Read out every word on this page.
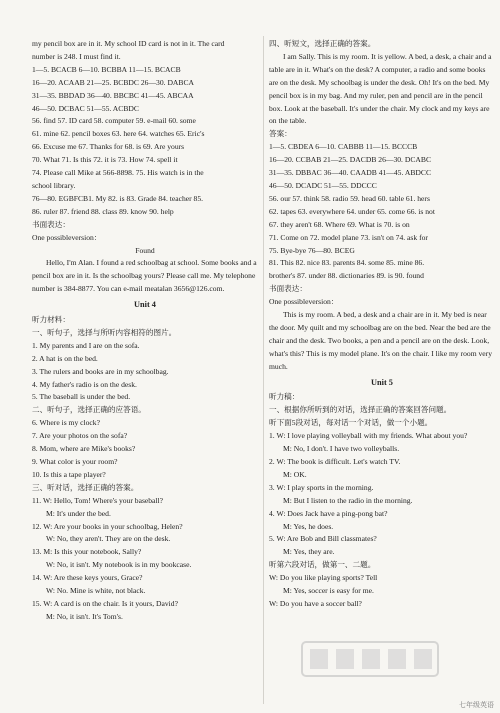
my pencil box are in it. My school ID card is not in it. The card
number is 248. I must find it.
1—5. BCACB 6—10. BCBBA 11—15. BCACB
16—20. ACAAB 21—25. BCBDC 26—30. DABCA
31—35. BBDAD 36—40. BBCBC 41—45. ABCAA
46—50. DCBAC 51—55. ACBDC
56. find 57. ID card 58. computer 59. e-mail 60. some
61. mine 62. pencil boxes 63. here 64. watches 65. Eric's
66. Excuse me 67. Thanks for 68. is 69. Are yours
70. What 71. Is this 72. it is 73. How 74. spell it
74. Please call Mike at 566-8898. 75. His watch is in the
school library.
76—80. EGBFCB1. My 82. is 83. Grade 84. teacher 85.
86. ruler 87. friend 88. class 89. know 90. help
书面表达：
One possibleversion：
Found
Hello, I'm Alan. I found a red schoolbag at school. Some books and a pencil box are in it. Is the schoolbag yours? Please call me. My telephone number is 384-8877. You can e-mail meatalan 3656@126.com.
Unit 4
听力材料：
一、听句子，选择与所听内容相符的图片。
1. My parents and I are on the sofa.
2. A hat is on the bed.
3. The rulers and books are in my schoolbag.
4. My father's radio is on the desk.
5. The baseball is under the bed.
二、听句子，选择正确的应答语。
6. Where is my clock?
7. Are your photos on the sofa?
8. Mom, where are Mike's books?
9. What color is your room?
10. Is this a tape player?
三、听对话，选择正确的答案。
11. W: Hello, Tom! Where's your baseball?
M: It's under the bed.
12. W: Are your books in your schoolbag, Helen?
W: No, they aren't. They are on the desk.
13. M: Is this your notebook, Sally?
W: No, it isn't. My notebook is in my bookcase.
14. W: Are these keys yours, Grace?
W: No. Mine is white, not black.
15. W: A card is on the chair. Is it yours, David?
M: No, it isn't. It's Tom's.
四、听短文，选择正确的答案。
I am Sally. This is my room. It is yellow. A bed, a desk, a chair and a table are in it. What's on the desk? A computer, a radio and some books are on the desk. My schoolbag is under the desk. Oh! It's on the bed. My pencil box is in my bag. And my ruler, pen and pencil are in the pencil box. Look at the baseball. It's under the chair. My clock and my keys are on the table.
答案：
1—5. CBDEA 6—10. CABBB 11—15. BCCCB
16—20. CCBAB 21—25. DACDB 26—30. DCABC
31—35. DBBAC 36—40. CAADB 41—45. ABDCC
46—50. DCADC 51—55. DDCCC
56. our 57. think 58. radio 59. head 60. table 61. hers
62. tapes 63. everywhere 64. under 65. come 66. is not
67. they aren't 68. Where 69. What is 70. is on
71. Come on 72. model plane 73. isn't on 74. ask for
75. Bye-bye 76—80. BCEG
81. This 82. nice 83. parents 84. some 85. mine 86.
brother's 87. under 88. dictionaries 89. is 90. found
书面表达：
One possibleversion：
This is my room. A bed, a desk and a chair are in it. My bed is near the door. My quilt and my schoolbag are on the bed. Near the bed are the chair and the desk. Two books, a pen and a pencil are on the desk. Look, what's this? This is my model plane. It's on the chair. I like my room very much.
Unit 5
听力稿：
一、根据你所听到的对话，选择正确的答案回答问题。
听下面5段对话，每对话一个对话，做一个小题。
1. W: I love playing volleyball with my friends. What about you?
M: No, I don't. I have two volleyballs.
2. W: The book is difficult. Let's watch TV.
M: OK.
3. W: I play sports in the morning.
M: But I listen to the radio in the morning.
4. W: Does Jack have a ping-pong bat?
M: Yes, he does.
5. W: Are Bob and Bill classmates?
M: Yes, they are.
听第六段对话，做第一、二题。
W: Do you like playing sports? Tell
M: Yes, soccer is easy for me.
W: Do you have a soccer ball?
七年级英语
